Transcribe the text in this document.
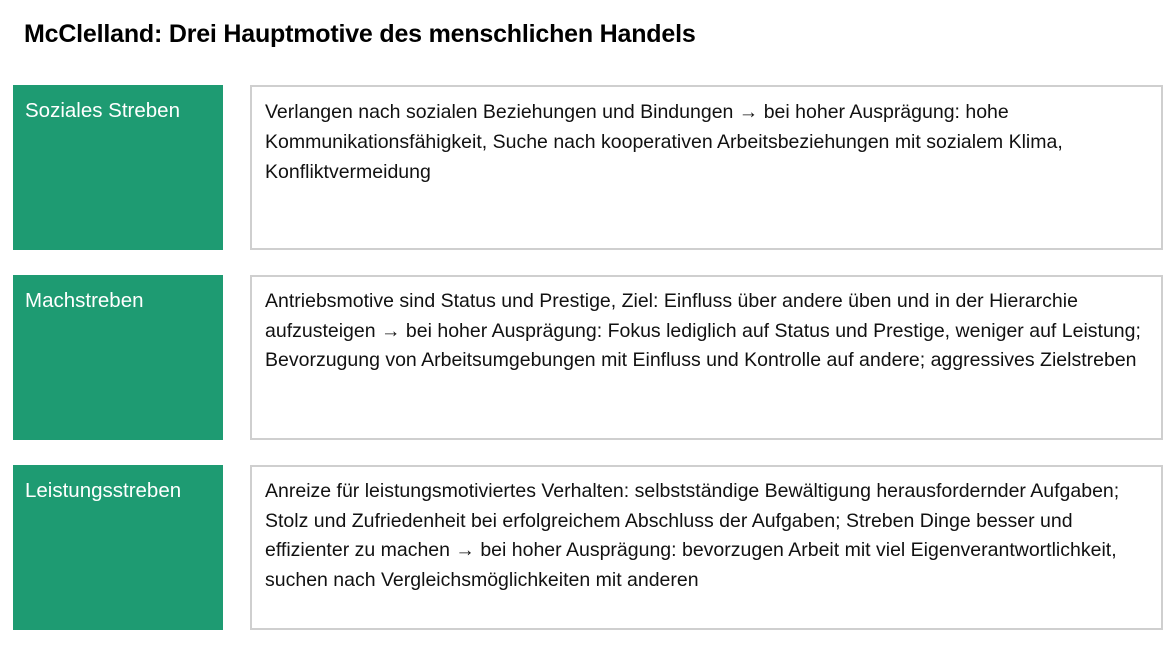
McClelland: Drei Hauptmotive des menschlichen Handels
Soziales Streben	Verlangen nach sozialen Beziehungen und Bindungen → bei hoher Ausprägung: hohe Kommunikationsfähigkeit, Suche nach kooperativen Arbeitsbeziehungen mit sozialem Klima, Konfliktvermeidung
Machstreben	Antriebsmotive sind Status und Prestige, Ziel: Einfluss über andere üben und in der Hierarchie aufzusteigen → bei hoher Ausprägung: Fokus lediglich auf Status und Prestige, weniger auf Leistung; Bevorzugung von Arbeitsumgebungen mit Einfluss und Kontrolle auf andere; aggressives Zielstreben
Leistungsstreben	Anreize für leistungsmotiviertes Verhalten: selbstständige Bewältigung herausfordernder Aufgaben; Stolz und Zufriedenheit bei erfolgreichem Abschluss der Aufgaben; Streben Dinge besser und effizienter zu machen → bei hoher Ausprägung: bevorzugen Arbeit mit viel Eigenverantwortlichkeit, suchen nach Vergleichsmöglichkeiten mit anderen
